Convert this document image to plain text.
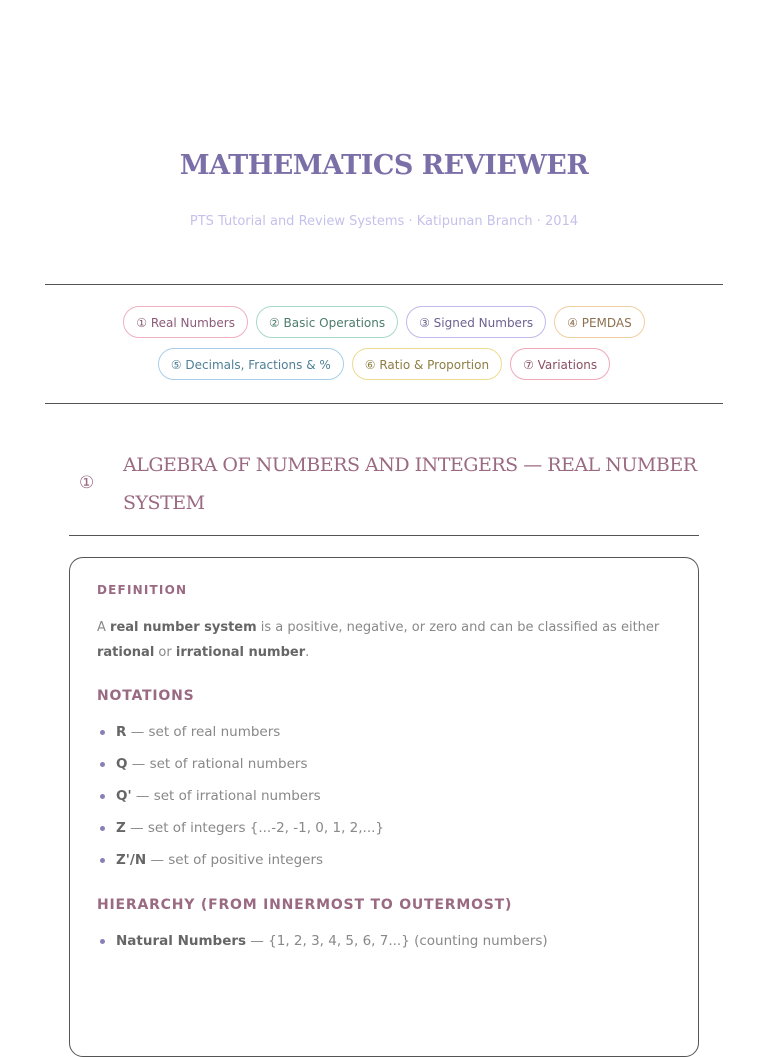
MATHEMATICS REVIEWER

PTS Tutorial and Review Systems · Katipunan Branch · 2014

① Real Numbers	② Basic Operations	③ Signed Numbers	④ PEMDAS
⑤ Decimals, Fractions & %	⑥ Ratio & Proportion	⑦ Variations
①
ALGEBRA OF NUMBERS AND INTEGERS — REAL NUMBER SYSTEM

DEFINITION

A real number system is a positive, negative, or zero and can be classified as either rational or irrational number.

NOTATIONS
R — set of real numbers
Q — set of rational numbers
Q' — set of irrational numbers
Z — set of integers {...-2, -1, 0, 1, 2,...}
Z'/N — set of positive integers
HIERARCHY (FROM INNERMOST TO OUTERMOST)
Natural Numbers — {1, 2, 3, 4, 5, 6, 7...} (counting numbers)
